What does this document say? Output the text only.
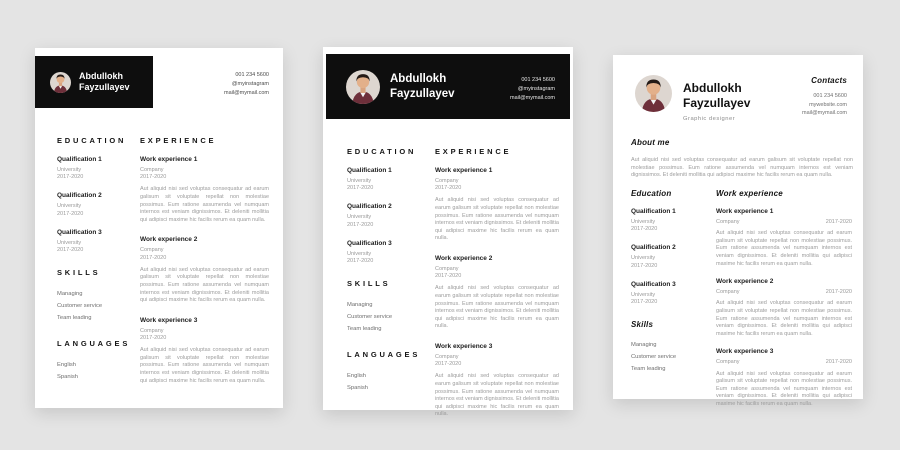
Abdullokh
Fayzullayev
001 234 5600
@myinstagram
mail@mymail.com
EDUCATION
Qualification 1
University
2017-2020
Qualification 2
University
2017-2020
Qualification 3
University
2017-2020
SKILLS
Managing
Customer service
Team leading
LANGUAGES
English
Spanish
EXPERIENCE
Work experience 1
Company
2017-2020
Aut aliquid nisi sed voluptas consequatur ad earum galisum sit voluptate repellat non molestiae possimus. Eum ratione assumenda vel numquam internos est veniam dignissimos. Et deleniti mollitia qui adipisci maxime hic facilis rerum ea quam nulla.
Work experience 2
Company
2017-2020
Aut aliquid nisi sed voluptas consequatur ad earum galisum sit voluptate repellat non molestiae possimus. Eum ratione assumenda vel numquam internos est veniam dignissimos. Et deleniti mollitia qui adipisci maxime hic facilis rerum ea quam nulla.
Work experience 3
Company
2017-2020
Aut aliquid nisi sed voluptas consequatur ad earum galisum sit voluptate repellat non molestiae possimus. Eum ratione assumenda vel numquam internos est veniam dignissimos. Et deleniti mollitia qui adipisci maxime hic facilis rerum ea quam nulla.
Abdullokh
Fayzullayev
001 234 5600
@myinstagram
mail@mymail.com
EDUCATION
Qualification 1
University
2017-2020
Qualification 2
University
2017-2020
Qualification 3
University
2017-2020
SKILLS
Managing
Customer service
Team leading
LANGUAGES
English
Spanish
EXPERIENCE
Work experience 1
Company
2017-2020
Aut aliquid nisi sed voluptas consequatur ad earum galisum sit voluptate repellat non molestiae possimus. Eum ratione assumenda vel numquam internos est veniam dignissimos. Et deleniti mollitia qui adipisci maxime hic facilis rerum ea quam nulla.
Work experience 2
Company
2017-2020
Aut aliquid nisi sed voluptas consequatur ad earum galisum sit voluptate repellat non molestiae possimus. Eum ratione assumenda vel numquam internos est veniam dignissimos. Et deleniti mollitia qui adipisci maxime hic facilis rerum ea quam nulla.
Work experience 3
Company
2017-2020
Aut aliquid nisi sed voluptas consequatur ad earum galisum sit voluptate repellat non molestiae possimus. Eum ratione assumenda vel numquam internos est veniam dignissimos. Et deleniti mollitia qui adipisci maxime hic facilis rerum ea quam nulla.
Abdullokh
Fayzullayev
Graphic designer
Contacts
001 234 5600
mywebsite.com
mail@mymail.com
About me
Aut aliquid nisi sed voluptas consequatur ad earum galisum sit voluptate repellat non molestiae possimus. Eum ratione assumenda vel numquam internos est veniam dignissimos. Et deleniti mollitia qui adipisci maxime hic facilis rerum ea quam nulla.
Education
Qualification 1
University
2017-2020
Qualification 2
University
2017-2020
Qualification 3
University
2017-2020
Skills
Managing
Customer service
Team leading
Work experience
Work experience 1
Company	2017-2020
Aut aliquid nisi sed voluptas consequatur ad earum galisum sit voluptate repellat non molestiae possimus. Eum ratione assumenda vel numquam internos est veniam dignissimos. Et deleniti mollitia qui adipisci maxime hic facilis rerum ea quam nulla.
Work experience 2
Company	2017-2020
Aut aliquid nisi sed voluptas consequatur ad earum galisum sit voluptate repellat non molestiae possimus. Eum ratione assumenda vel numquam internos est veniam dignissimos. Et deleniti mollitia qui adipisci maxime hic facilis rerum ea quam nulla.
Work experience 3
Company	2017-2020
Aut aliquid nisi sed voluptas consequatur ad earum galisum sit voluptate repellat non molestiae possimus. Eum ratione assumenda vel numquam internos est veniam dignissimos. Et deleniti mollitia qui adipisci maxime hic facilis rerum ea quam nulla.
